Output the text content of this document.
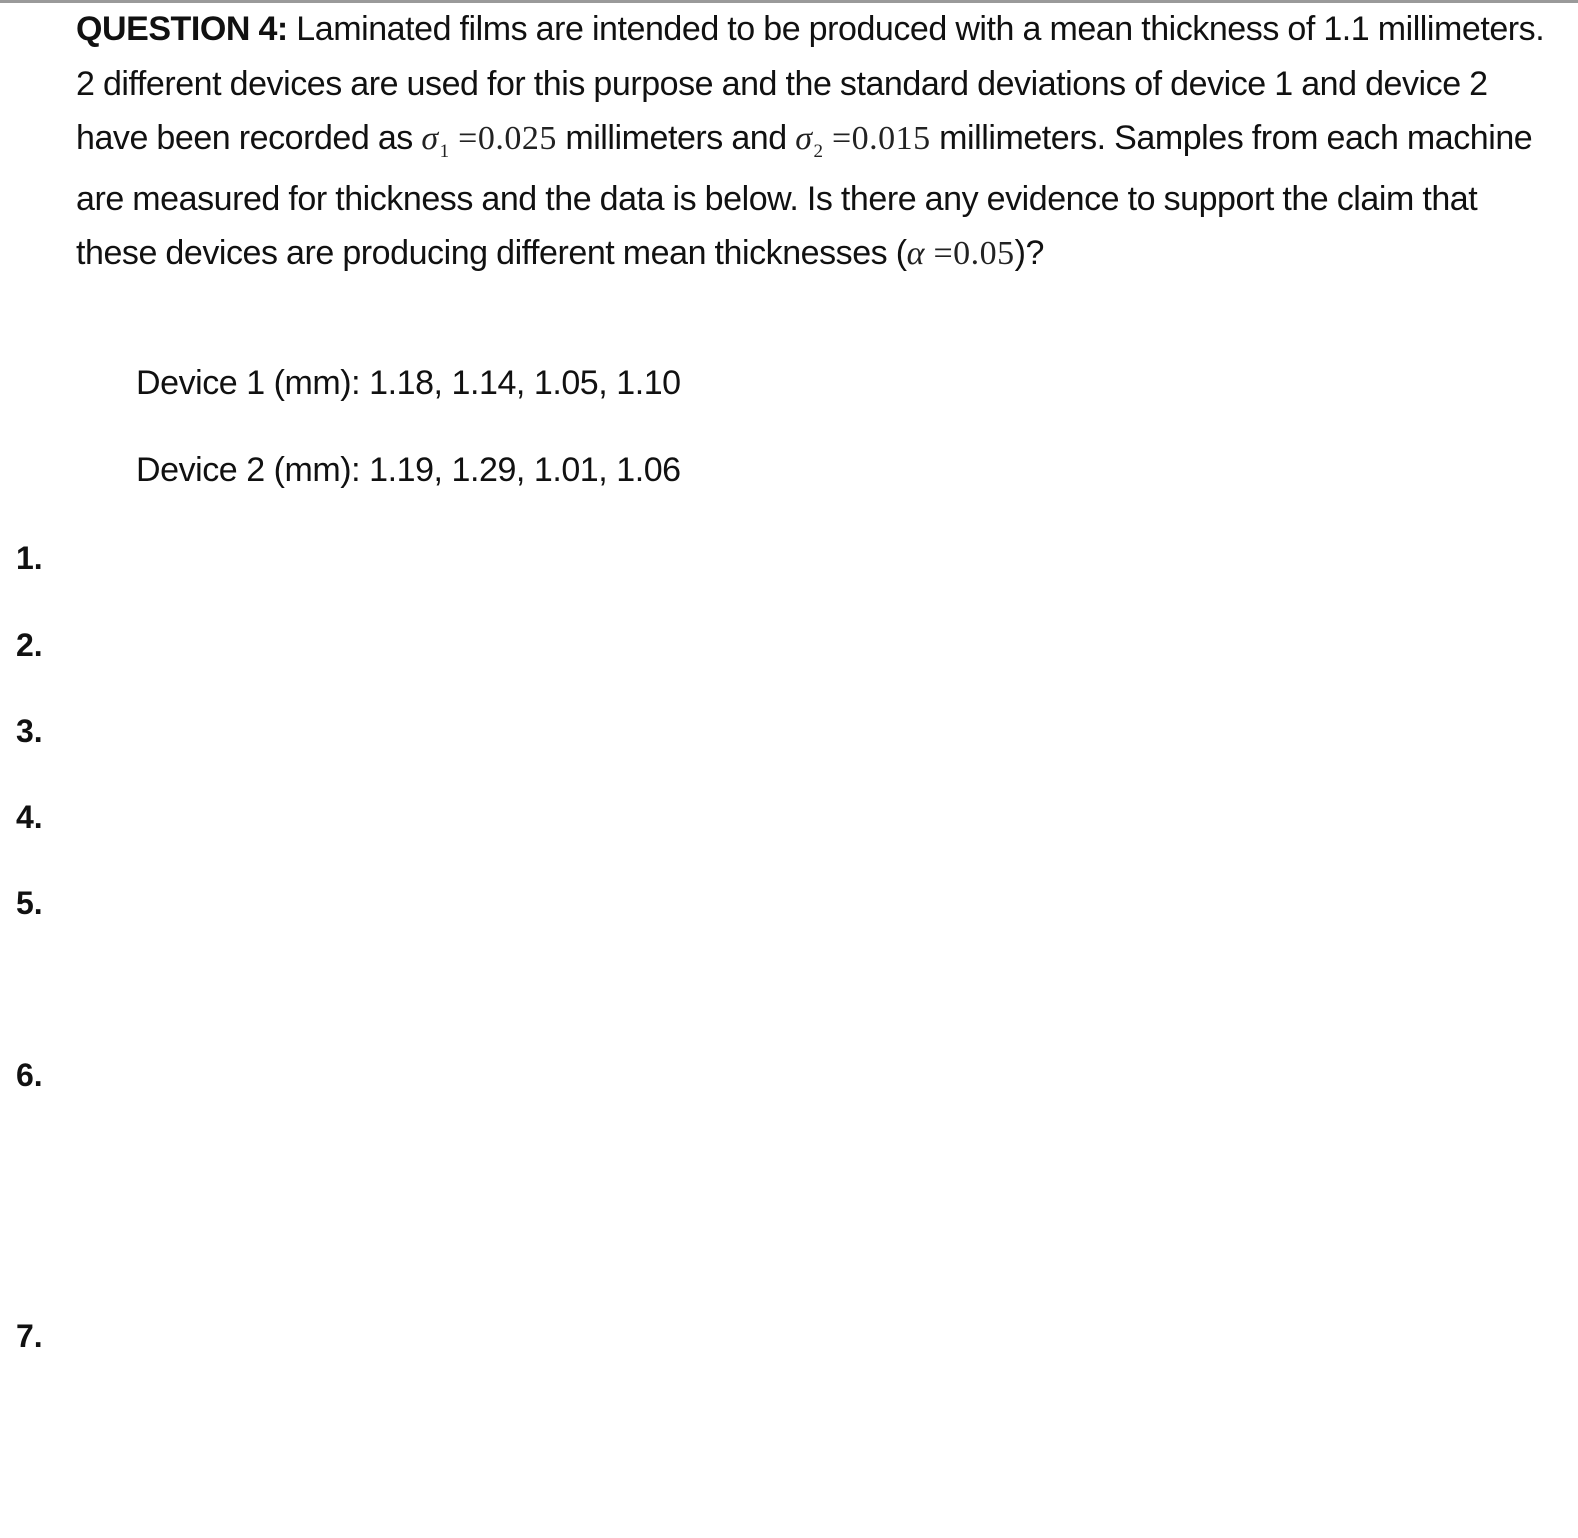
QUESTION 4: Laminated films are intended to be produced with a mean thickness of 1.1 millimeters. 2 different devices are used for this purpose and the standard deviations of device 1 and device 2 have been recorded as $\sigma_1 =0.025$ millimeters and $\sigma_2 =0.015$ millimeters. Samples from each machine are measured for thickness and the data is below. Is there any evidence to support the claim that these devices are producing different mean thicknesses (α =0.05)?
Device 1 (mm): 1.18, 1.14, 1.05, 1.10
Device 2 (mm): 1.19, 1.29, 1.01, 1.06
1.
2.
3.
4.
5.
6.
7.
